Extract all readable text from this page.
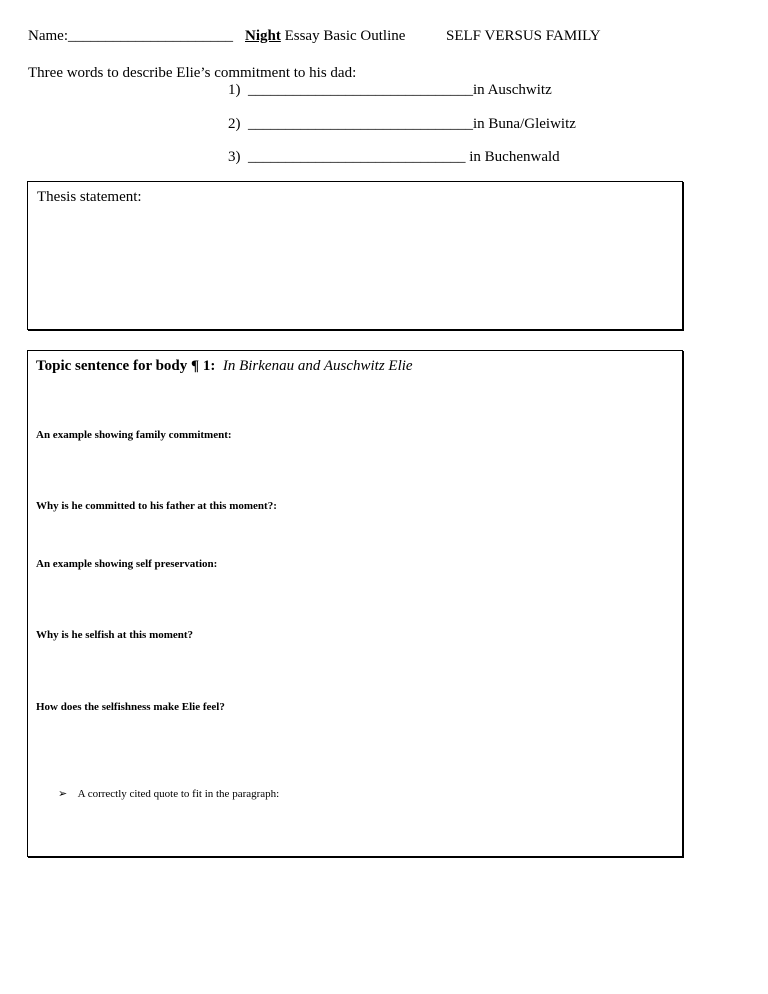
Name:______________________ Night Essay Basic Outline	SELF VERSUS FAMILY
Three words to describe Elie’s commitment to his dad:
1) ______________________________in Auschwitz
2) ______________________________in Buna/Gleiwitz
3) _____________________________ in Buchenwald
Thesis statement:
Topic sentence for body ¶ 1: In Birkenau and Auschwitz Elie
An example showing family commitment:
Why is he committed to his father at this moment?:
An example showing self preservation:
Why is he selfish at this moment?
How does the selfishness make Elie feel?
➢ A correctly cited quote to fit in the paragraph:
